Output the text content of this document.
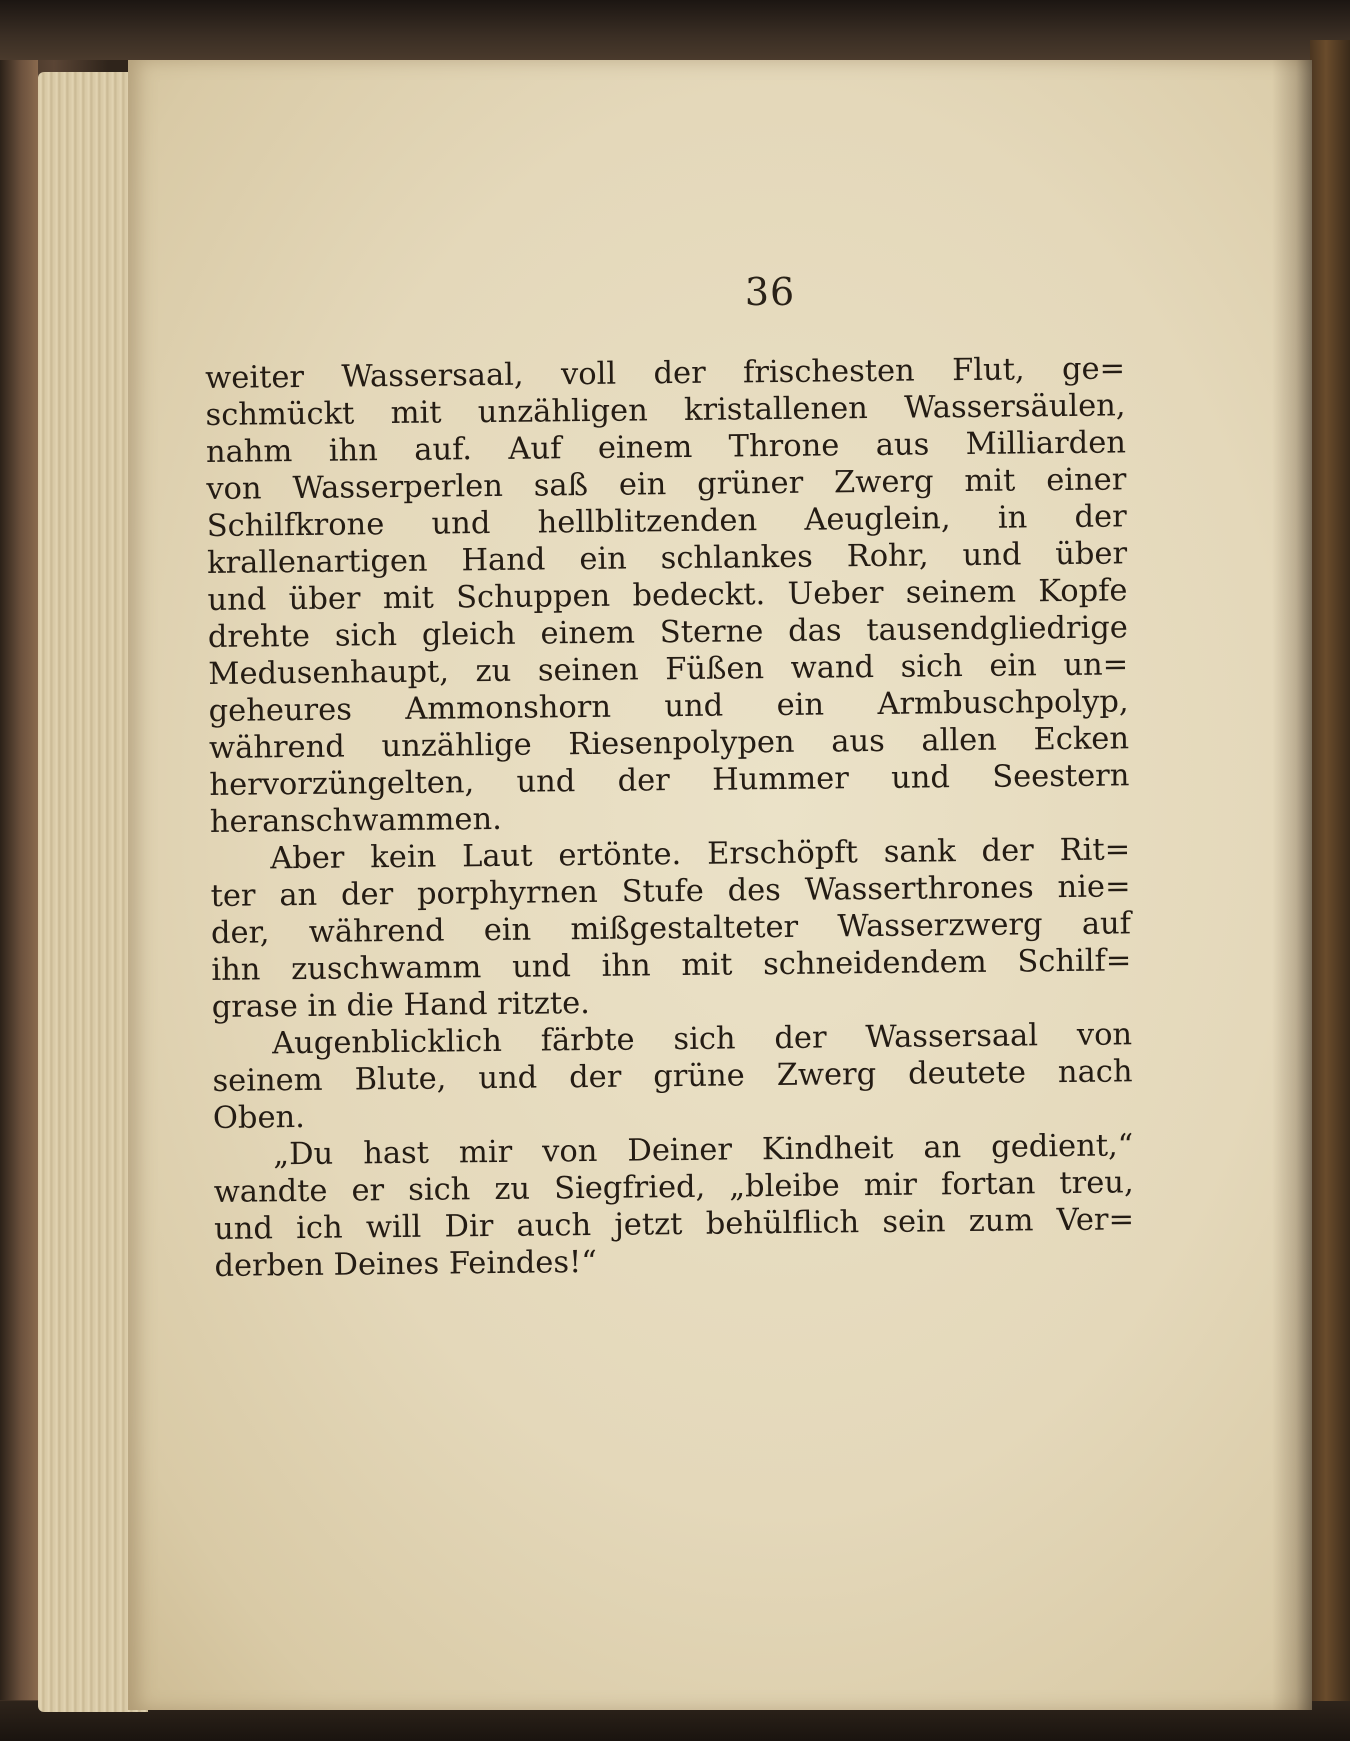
36
weiter Wassersaal, voll der frischesten Flut, ge=
schmückt mit unzähligen kristallenen Wassersäulen,
nahm ihn auf. Auf einem Throne aus Milliarden
von Wasserperlen saß ein grüner Zwerg mit einer
Schilfkrone und hellblitzenden Aeuglein, in der
krallenartigen Hand ein schlankes Rohr, und über
und über mit Schuppen bedeckt. Ueber seinem Kopfe
drehte sich gleich einem Sterne das tausendgliedrige
Medusenhaupt, zu seinen Füßen wand sich ein un=
geheures Ammonshorn und ein Armbuschpolyp,
während unzählige Riesenpolypen aus allen Ecken
hervorzüngelten, und der Hummer und Seestern
heranschwammen.
Aber kein Laut ertönte. Erschöpft sank der Rit=
ter an der porphyrnen Stufe des Wasserthrones nie=
der, während ein mißgestalteter Wasserzwerg auf
ihn zuschwamm und ihn mit schneidendem Schilf=
grase in die Hand ritzte.
Augenblicklich färbte sich der Wassersaal von
seinem Blute, und der grüne Zwerg deutete nach
Oben.
„Du hast mir von Deiner Kindheit an gedient,“
wandte er sich zu Siegfried, „bleibe mir fortan treu,
und ich will Dir auch jetzt behülflich sein zum Ver=
derben Deines Feindes!“
